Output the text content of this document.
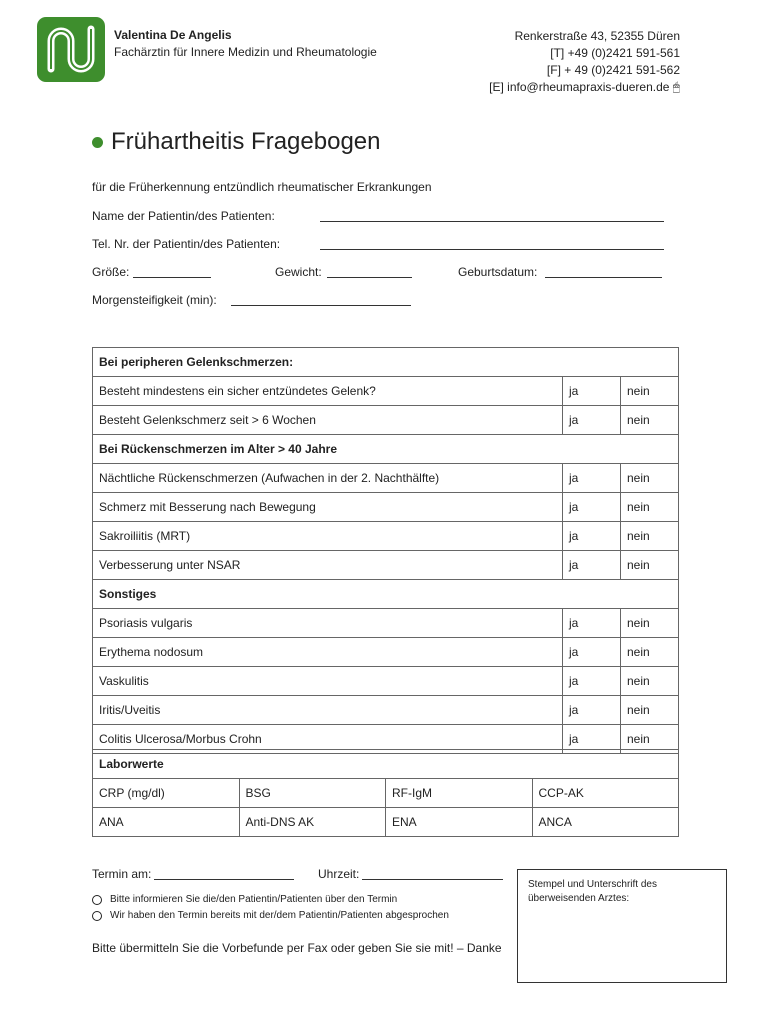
Valentina De Angelis
Fachärztin für Innere Medizin und Rheumatologie
Renkerstraße 43, 52355 Düren
[T] +49 (0)2421 591-561
[F] + 49 (0)2421 591-562
[E] info@rheumapraxis-dueren.de 🖱
Frühartheitis Fragebogen
für die Früherkennung entzündlich rheumatischer Erkrankungen
Name der Patientin/des Patienten:
Tel. Nr. der Patientin/des Patienten:
Größe:	Gewicht:	Geburtsdatum:
Morgensteifigkeit (min):
Bei peripheren Gelenkschmerzen:		
Besteht mindestens ein sicher entzündetes Gelenk?	ja	nein
Besteht Gelenkschmerz seit > 6 Wochen	ja	nein
Bei Rückenschmerzen im Alter > 40 Jahre		
Nächtliche Rückenschmerzen (Aufwachen in der 2. Nachthälfte)	ja	nein
Schmerz mit Besserung nach Bewegung	ja	nein
Sakroiliitis (MRT)	ja	nein
Verbesserung unter NSAR	ja	nein
Sonstiges		
Psoriasis vulgaris	ja	nein
Erythema nodosum	ja	nein
Vaskulitis	ja	nein
Iritis/Uveitis	ja	nein
Colitis Ulcerosa/Morbus Crohn	ja	nein
Laborwerte			
CRP (mg/dl)	BSG	RF-IgM	CCP-AK
ANA	Anti-DNS AK	ENA	ANCA
Termin am:	Uhrzeit:
Bitte informieren Sie die/den Patientin/Patienten über den Termin
Wir haben den Termin bereits mit der/dem Patientin/Patienten abgesprochen
Bitte übermitteln Sie die Vorbefunde per Fax oder geben Sie sie mit! – Danke
Stempel und Unterschrift des überweisenden Arztes:
